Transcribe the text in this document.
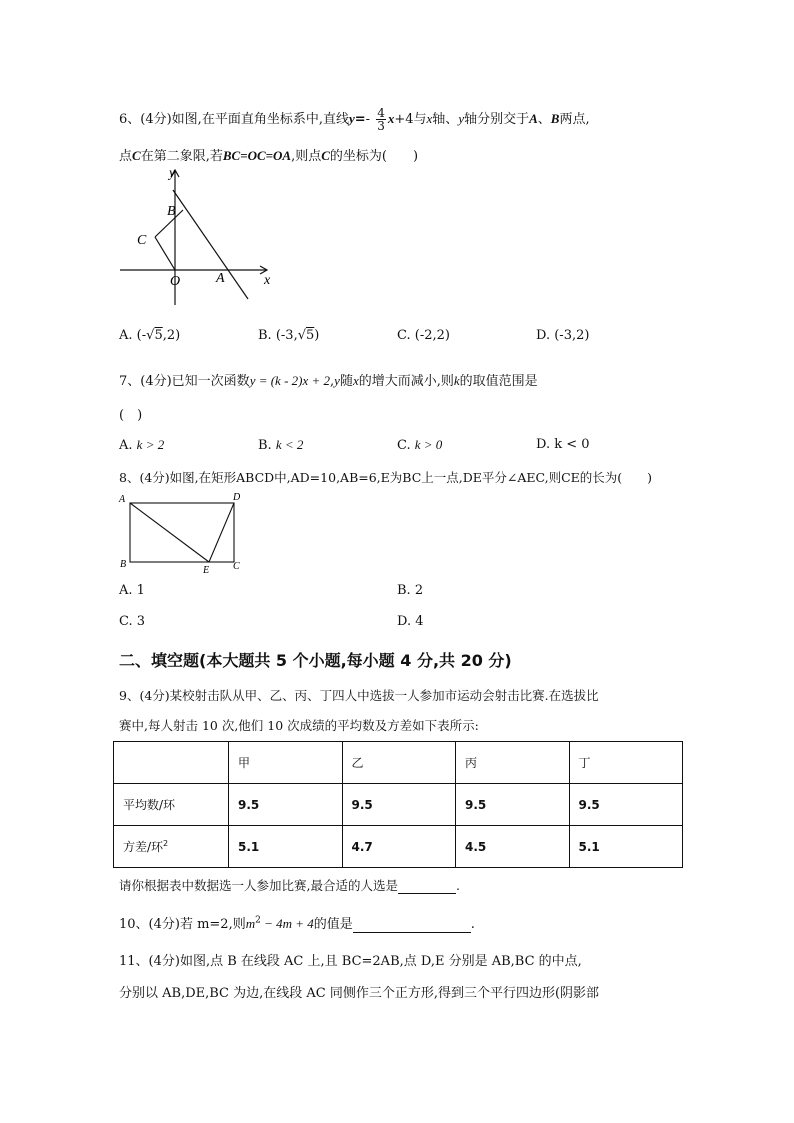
6、(4分)如图,在平面直角坐标系中,直线$y=- \frac{4}{3} x+4$与x轴、y轴分别交于A、B两点,
点C在第二象限,若BC=OC=OA,则点C的坐标为(　　)
y
x
B
C
O	A
A. (-√5,2)	B. (-3,√5)	C. (-2,2)	D. (-3,2)
7、(4分)已知一次函数y = (k - 2)x + 2,y随x的增大而减小,则k的取值范围是
(　)
A. k > 2	B. k < 2	C. k > 0	D. k < 0
8、(4分)如图,在矩形ABCD中,AD=10,AB=6,E为BC上一点,DE平分∠AEC,则CE的长为(　　)
A	D
B
E C
A. 1	B. 2
C. 3	D. 4
二、填空题(本大题共 5 个小题,每小题 4 分,共 20 分)
9、(4分)某校射击队从甲、乙、丙、丁四人中选拔一人参加市运动会射击比赛.在选拔比
赛中,每人射击 10 次,他们 10 次成绩的平均数及方差如下表所示:
	甲	乙	丙	丁
平均数/环	9.5	9.5	9.5	9.5
方差/环$^2$	5.1	4.7	4.5	5.1
请你根据表中数据选一人参加比赛,最合适的人选是	.
10、(4分)若 m=2,则$m^2 - 4m + 4$的值是	.
11、(4分)如图,点 B 在线段 AC 上,且 BC=2AB,点 D,E 分别是 AB,BC 的中点,
分别以 AB,DE,BC 为边,在线段 AC 同侧作三个正方形,得到三个平行四边形(阴影部
